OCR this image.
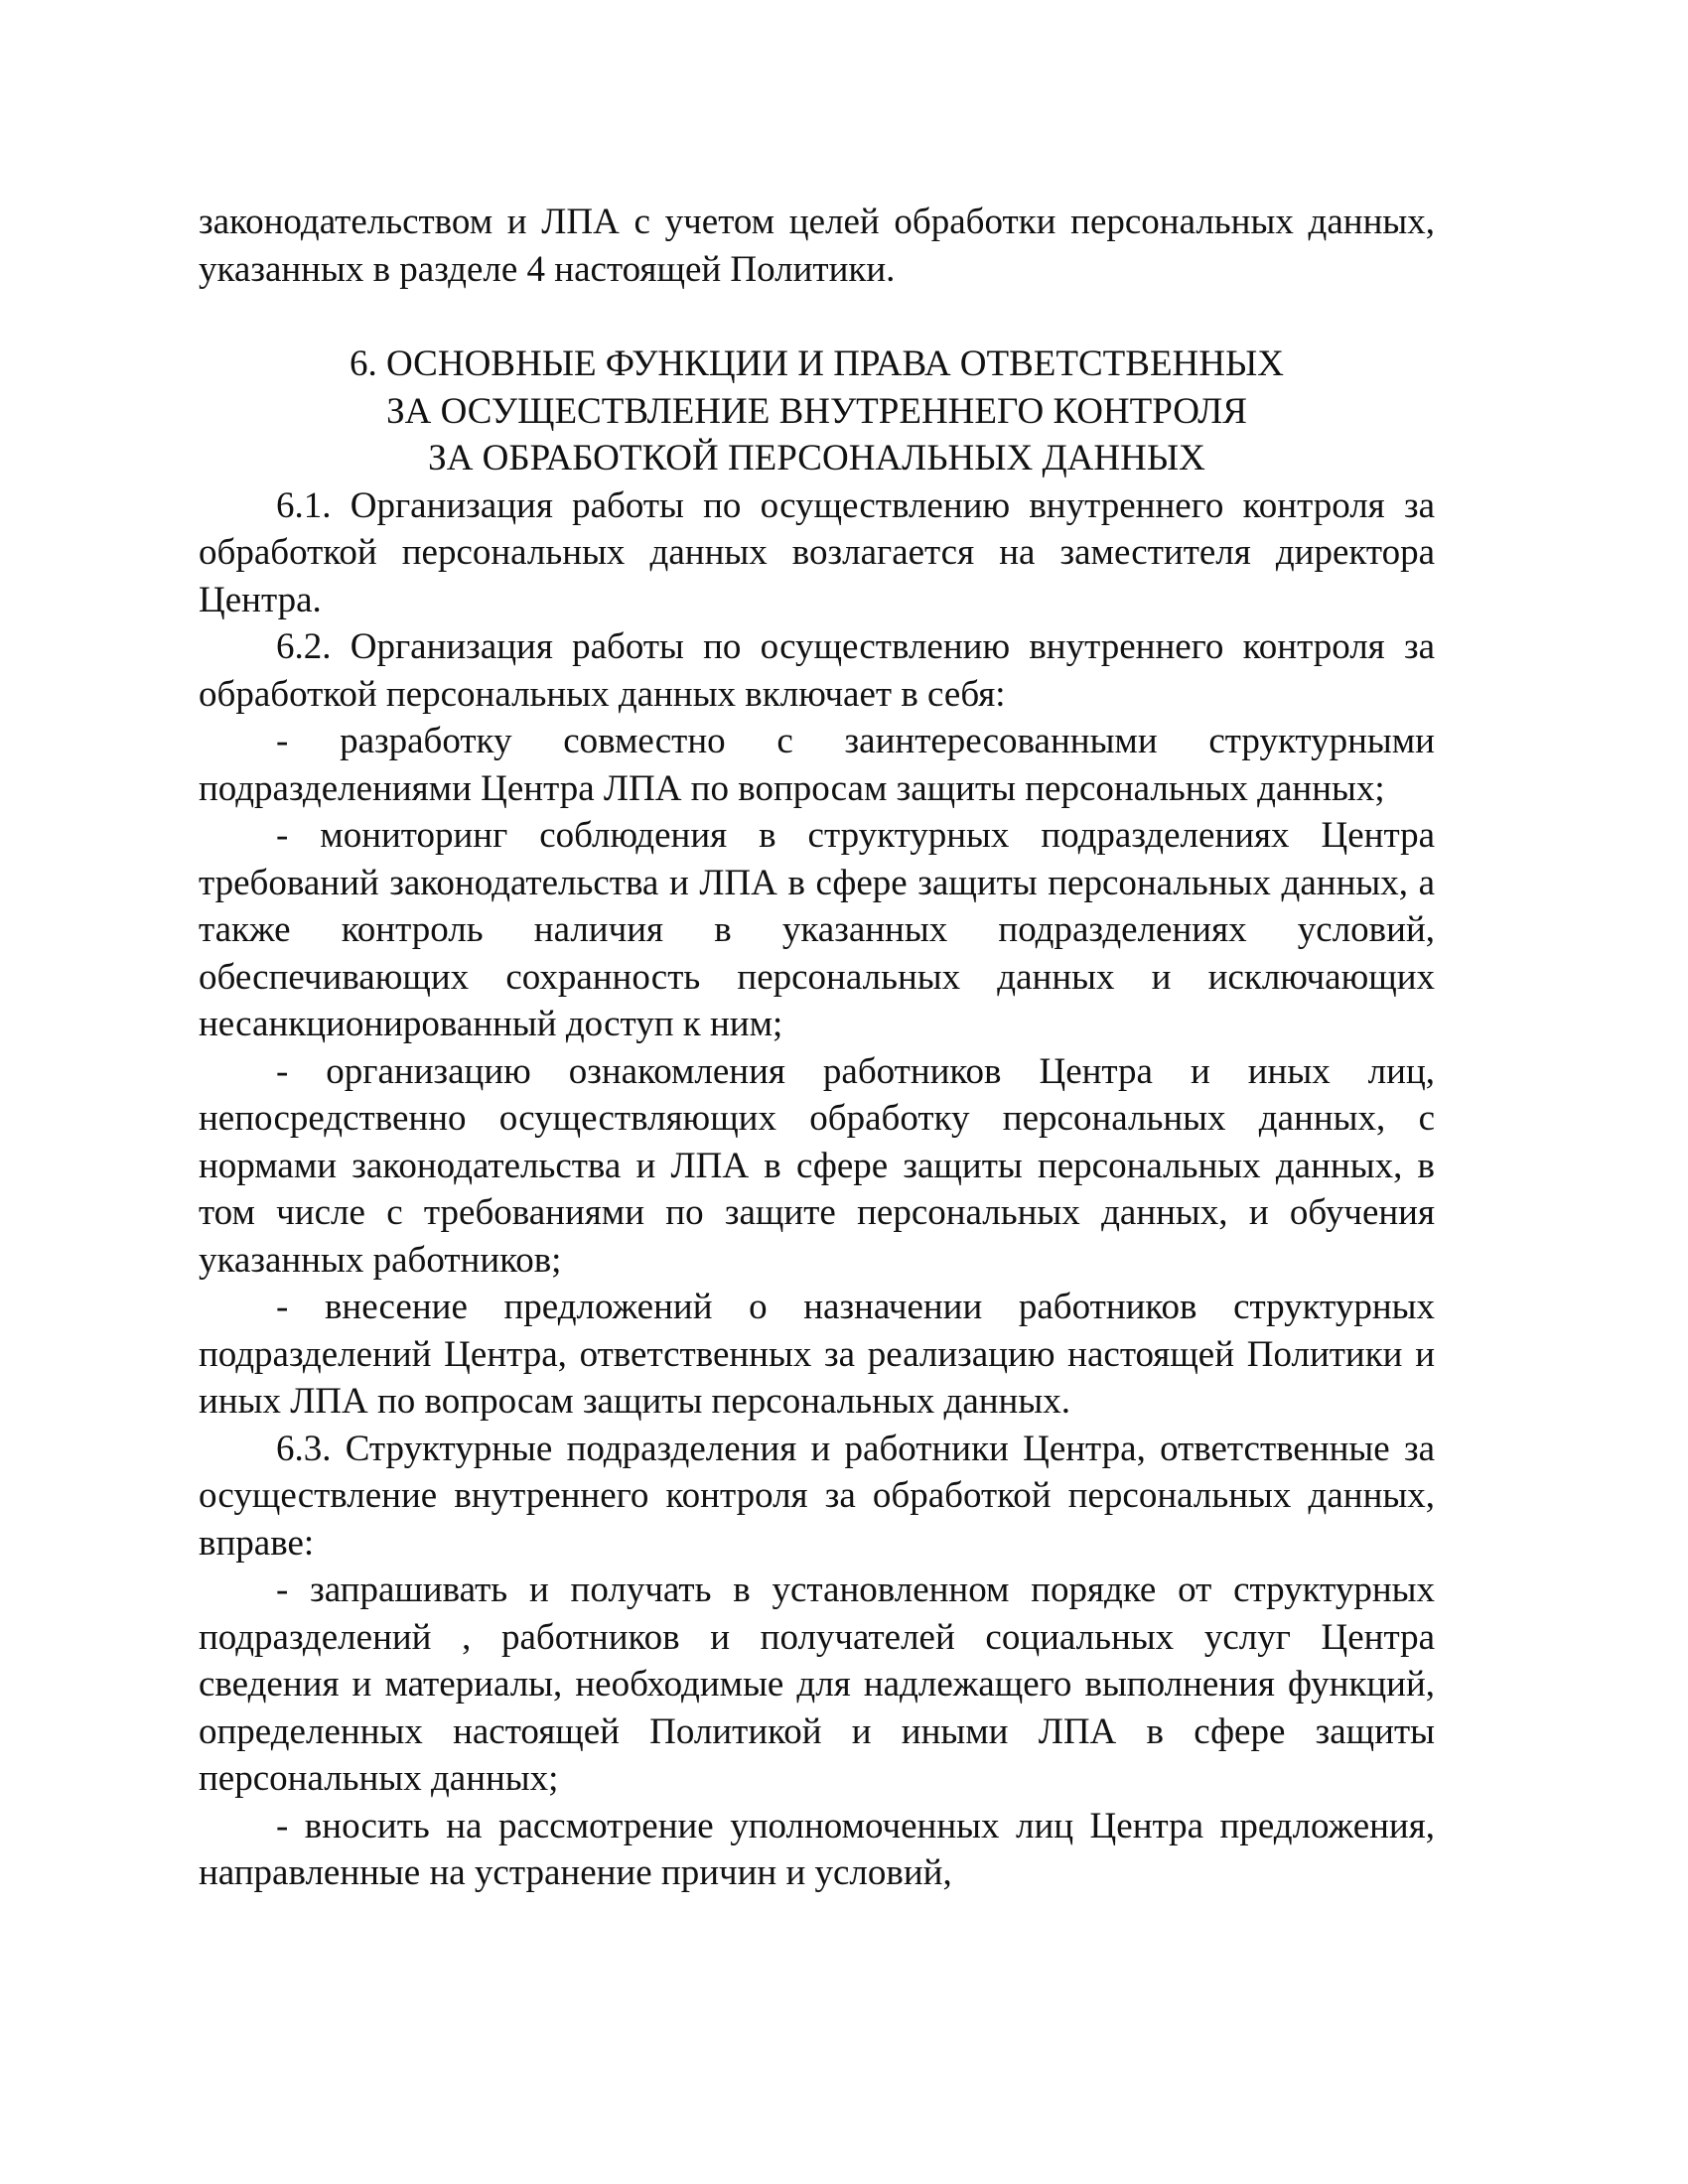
законодательством и ЛПА с учетом целей обработки персональных данных, указанных в разделе 4 настоящей Политики.

6. ОСНОВНЫЕ ФУНКЦИИ И ПРАВА ОТВЕТСТВЕННЫХ
ЗА ОСУЩЕСТВЛЕНИЕ ВНУТРЕННЕГО КОНТРОЛЯ
ЗА ОБРАБОТКОЙ ПЕРСОНАЛЬНЫХ ДАННЫХ

6.1. Организация работы по осуществлению внутреннего контроля за обработкой персональных данных возлагается на заместителя директора Центра.

6.2. Организация работы по осуществлению внутреннего контроля за обработкой персональных данных включает в себя:

- разработку совместно с заинтересованными структурными подразделениями Центра ЛПА по вопросам защиты персональных данных;

- мониторинг соблюдения в структурных подразделениях Центра требований законодательства и ЛПА в сфере защиты персональных данных, а также контроль наличия в указанных подразделениях условий, обеспечивающих сохранность персональных данных и исключающих несанкционированный доступ к ним;

- организацию ознакомления работников Центра и иных лиц, непосредственно осуществляющих обработку персональных данных, с нормами законодательства и ЛПА в сфере защиты персональных данных, в том числе с требованиями по защите персональных данных, и обучения указанных работников;

- внесение предложений о назначении работников структурных подразделений Центра, ответственных за реализацию настоящей Политики и иных ЛПА по вопросам защиты персональных данных.

6.3. Структурные подразделения и работники Центра, ответственные за осуществление внутреннего контроля за обработкой персональных данных, вправе:

- запрашивать и получать в установленном порядке от структурных подразделений , работников и получателей социальных услуг Центра сведения и материалы, необходимые для надлежащего выполнения функций, определенных настоящей Политикой и иными ЛПА в сфере защиты персональных данных;

- вносить на рассмотрение уполномоченных лиц Центра предложения, направленные на устранение причин и условий,
